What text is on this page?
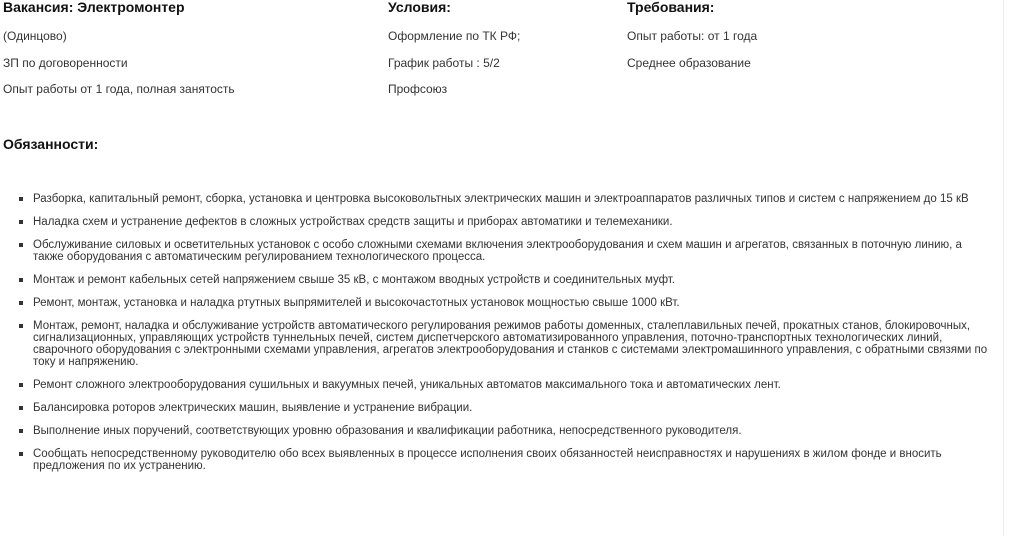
Вакансия: Электромонтер

(Одинцово)

ЗП по договоренности

Опыт работы от 1 года, полная занятость

Условия:

Оформление по ТК РФ;

График работы : 5/2

Профсоюз

Требования:

Опыт работы: от 1 года

Среднее образование

Обязанности:
Разборка, капитальный ремонт, сборка, установка и центровка высоковольтных электрических машин и электроаппаратов различных типов и систем с напряжением до 15 кВ
Наладка схем и устранение дефектов в сложных устройствах средств защиты и приборах автоматики и телемеханики.
Обслуживание силовых и осветительных установок с особо сложными схемами включения электрооборудования и схем машин и агрегатов, связанных в поточную линию, а также оборудования с автоматическим регулированием технологического процесса.
Монтаж и ремонт кабельных сетей напряжением свыше 35 кВ, с монтажом вводных устройств и соединительных муфт.
Ремонт, монтаж, установка и наладка ртутных выпрямителей и высокочастотных установок мощностью свыше 1000 кВт.
Монтаж, ремонт, наладка и обслуживание устройств автоматического регулирования режимов работы доменных, сталеплавильных печей, прокатных станов, блокировочных, сигнализационных, управляющих устройств туннельных печей, систем диспетчерского автоматизированного управления, поточно-транспортных технологических линий, сварочного оборудования с электронными схемами управления, агрегатов электрооборудования и станков с системами электромашинного управления, с обратными связями по току и напряжению.
Ремонт сложного электрооборудования сушильных и вакуумных печей, уникальных автоматов максимального тока и автоматических лент.
Балансировка роторов электрических машин, выявление и устранение вибрации.
Выполнение иных поручений, соответствующих уровню образования и квалификации работника, непосредственного руководителя.
Сообщать непосредственному руководителю обо всех выявленных в процессе исполнения своих обязанностей неисправностях и нарушениях в жилом фонде и вносить предложения по их устранению.
